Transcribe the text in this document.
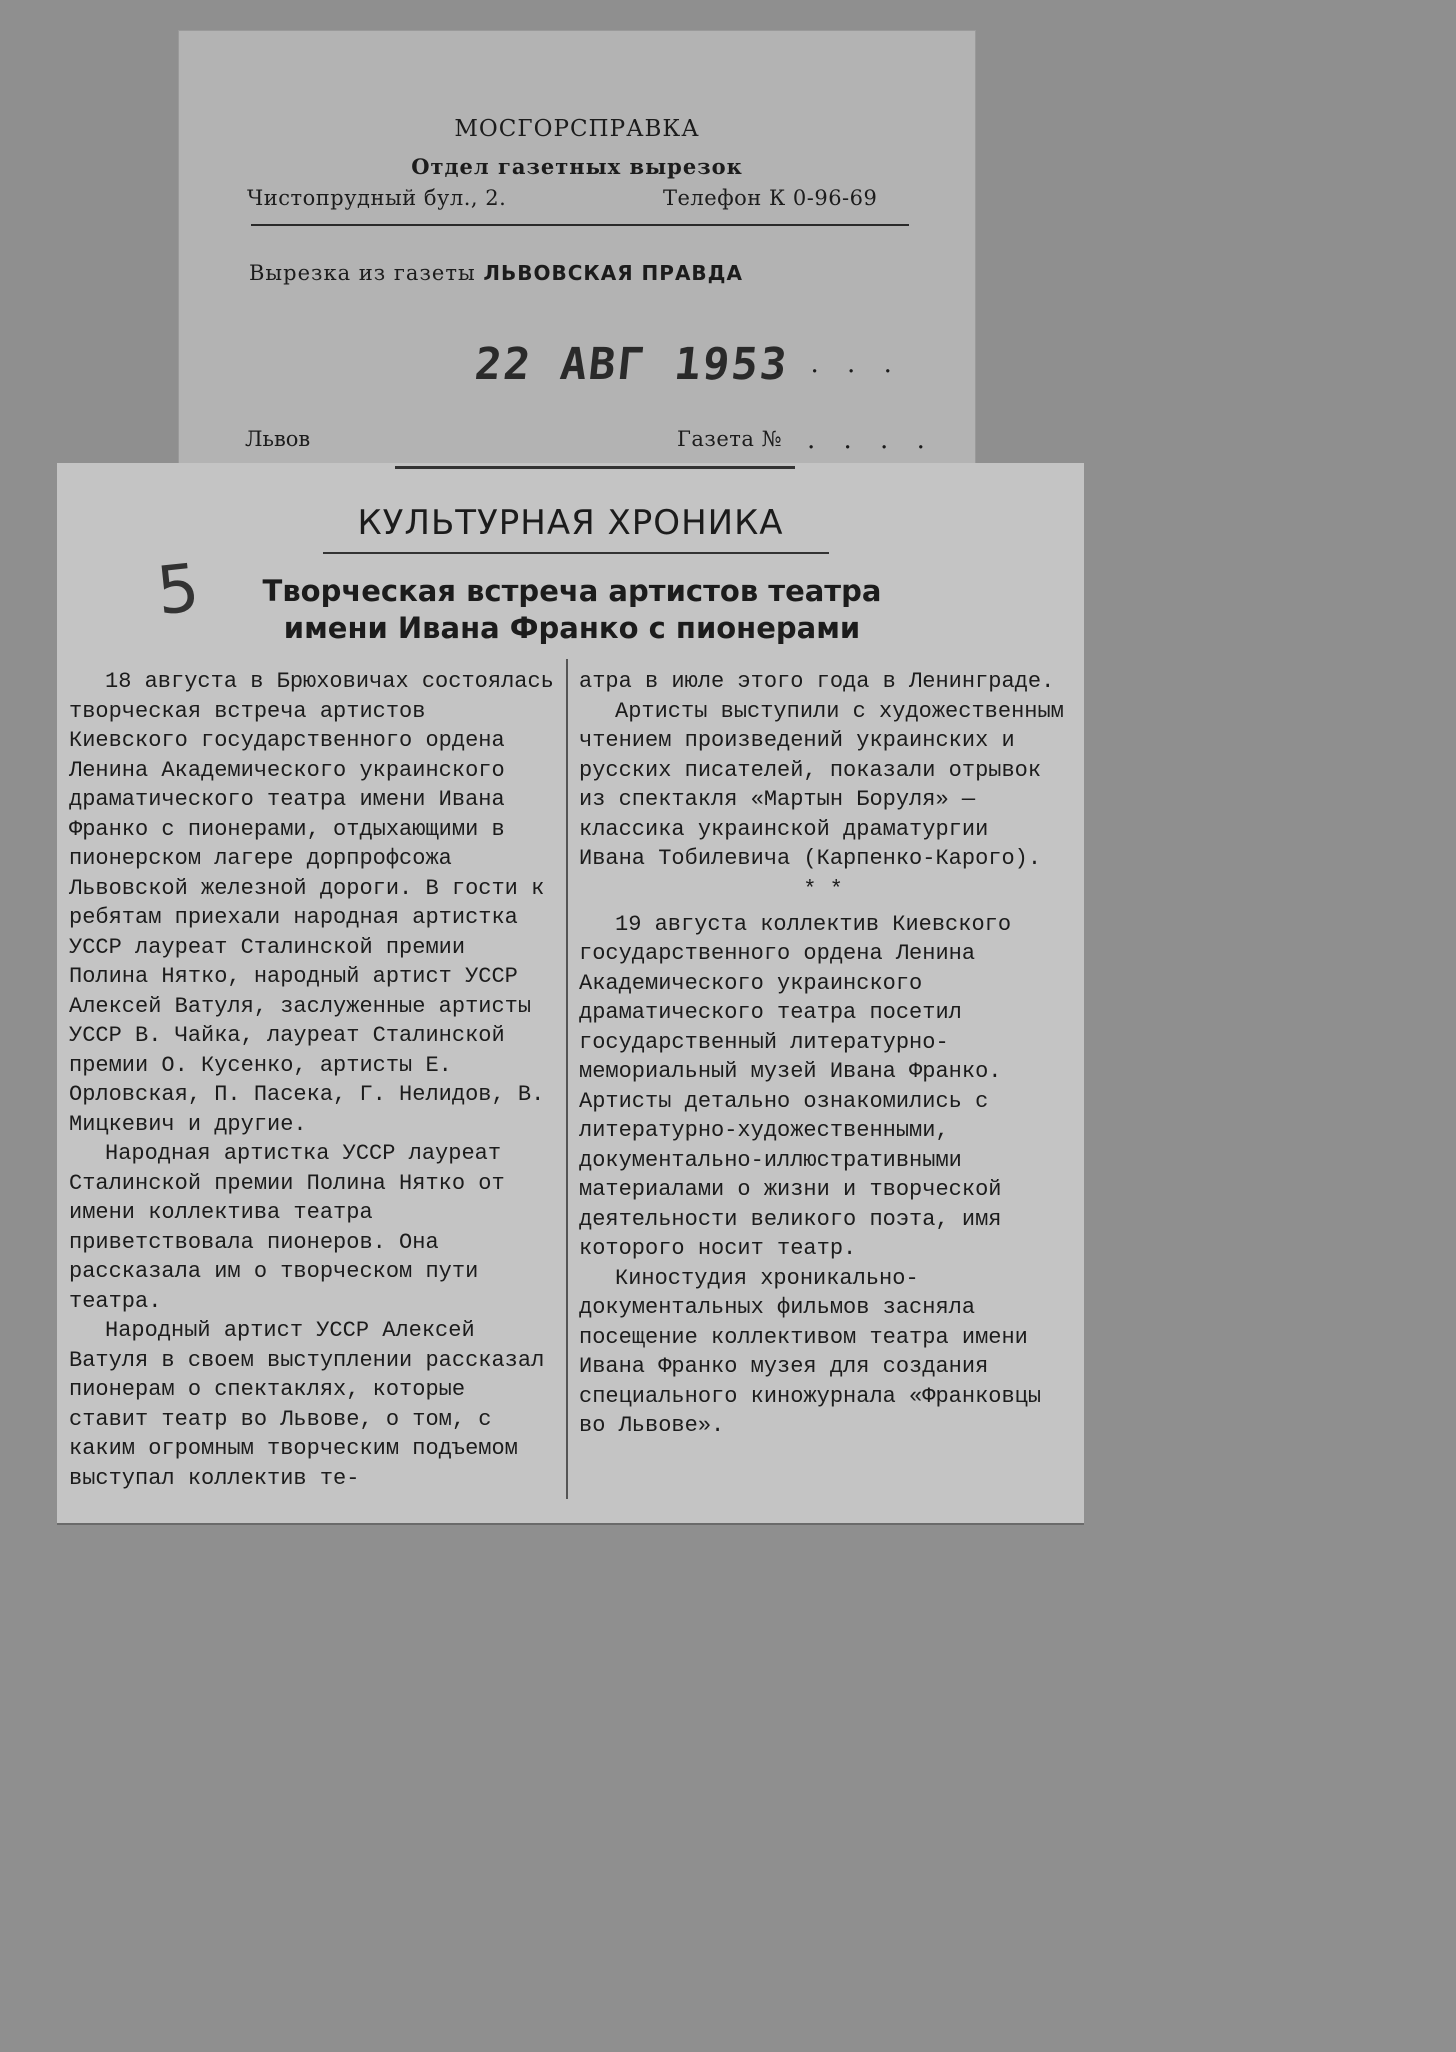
МОСГОРСПРАВКА
Отдел газетных вырезок
Чистопрудный бул., 2.	Телефон К 0-96-69
Вырезка из газеты ЛЬВОВСКАЯ ПРАВДА
22 АВГ 1953
. . . .
Львов	Газета № . . . .
КУЛЬТУРНАЯ ХРОНИКА
5	Творческая встреча артистов театра
имени Ивана Франко с пионерами

18 августа в Брюховичах состоялась творческая встреча артистов Киевского государственного ордена Ленина Академического украинского драматического театра имени Ивана Франко с пионерами, отдыхающими в пионерском лагере дорпрофсожа Львовской железной дороги. В гости к ребятам приехали народная артистка УССР лауреат Сталинской премии Полина Нятко, народный артист УССР Алексей Ватуля, заслуженные артисты УССР В. Чайка, лауреат Сталинской премии О. Кусенко, артисты Е. Орловская, П. Пасека, Г. Нелидов, В. Мицкевич и другие.

Народная артистка УССР лауреат Сталинской премии Полина Нятко от имени коллектива театра приветствовала пионеров. Она рассказала им о творческом пути театра.

Народный артист УССР Алексей Ватуля в своем выступлении рассказал пионерам о спектаклях, которые ставит театр во Львове, о том, с каким огромным творческим подъемом выступал коллектив те-

атра в июле этого года в Ленинграде.

Артисты выступили с художественным чтением произведений украинских и русских писателей, показали отрывок из спектакля «Мартын Боруля» — классика украинской драматургии Ивана Тобилевича (Карпенко-Карого).

* *

19 августа коллектив Киевского государственного ордена Ленина Академического украинского драматического театра посетил государственный литературно-мемориальный музей Ивана Франко. Артисты детально ознакомились с литературно-художественными, документально-иллюстративными материалами о жизни и творческой деятельности великого поэта, имя которого носит театр.

Киностудия хроникально-документальных фильмов засняла посещение коллективом театра имени Ивана Франко музея для создания специального киножурнала «Франковцы во Львове».
